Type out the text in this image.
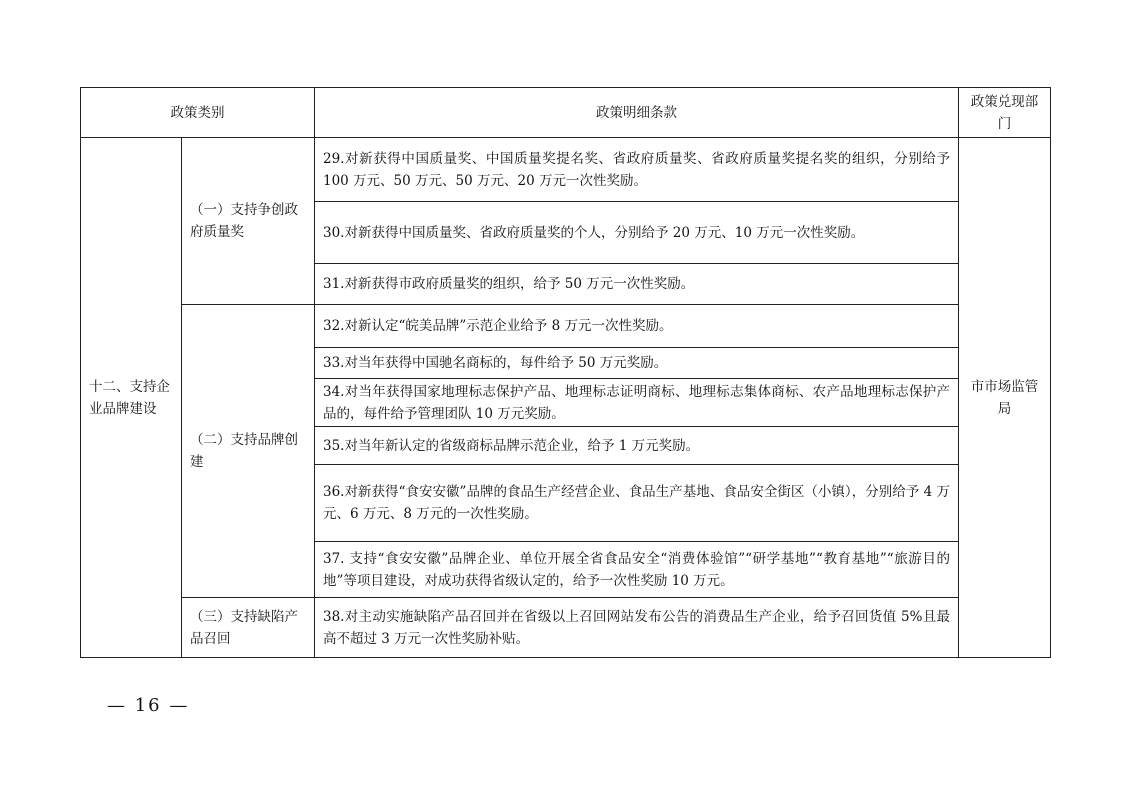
政策类别		政策明细条款	政策兑现部门
十二、支持企业品牌建设	（一）支持争创政府质量奖	29.对新获得中国质量奖、中国质量奖提名奖、省政府质量奖、省政府质量奖提名奖的组织，分别给予 100 万元、50 万元、50 万元、20 万元一次性奖励。	市市场监管局
		30.对新获得中国质量奖、省政府质量奖的个人，分别给予 20 万元、10 万元一次性奖励。	
		31.对新获得市政府质量奖的组织，给予 50 万元一次性奖励。	
	（二）支持品牌创建	32.对新认定“皖美品牌”示范企业给予 8 万元一次性奖励。	
		33.对当年获得中国驰名商标的，每件给予 50 万元奖励。	
		34.对当年获得国家地理标志保护产品、地理标志证明商标、地理标志集体商标、农产品地理标志保护产品的，每件给予管理团队 10 万元奖励。	
		35.对当年新认定的省级商标品牌示范企业，给予 1 万元奖励。	
		36.对新获得“食安安徽”品牌的食品生产经营企业、食品生产基地、食品安全街区（小镇），分别给予 4 万元、6 万元、8 万元的一次性奖励。	
		37. 支持“食安安徽”品牌企业、单位开展全省食品安全“消费体验馆”“研学基地”“教育基地”“旅游目的地”等项目建设，对成功获得省级认定的，给予一次性奖励 10 万元。	
	（三）支持缺陷产品召回	38.对主动实施缺陷产品召回并在省级以上召回网站发布公告的消费品生产企业，给予召回货值 5%且最高不超过 3 万元一次性奖励补贴。	
— 16 —
